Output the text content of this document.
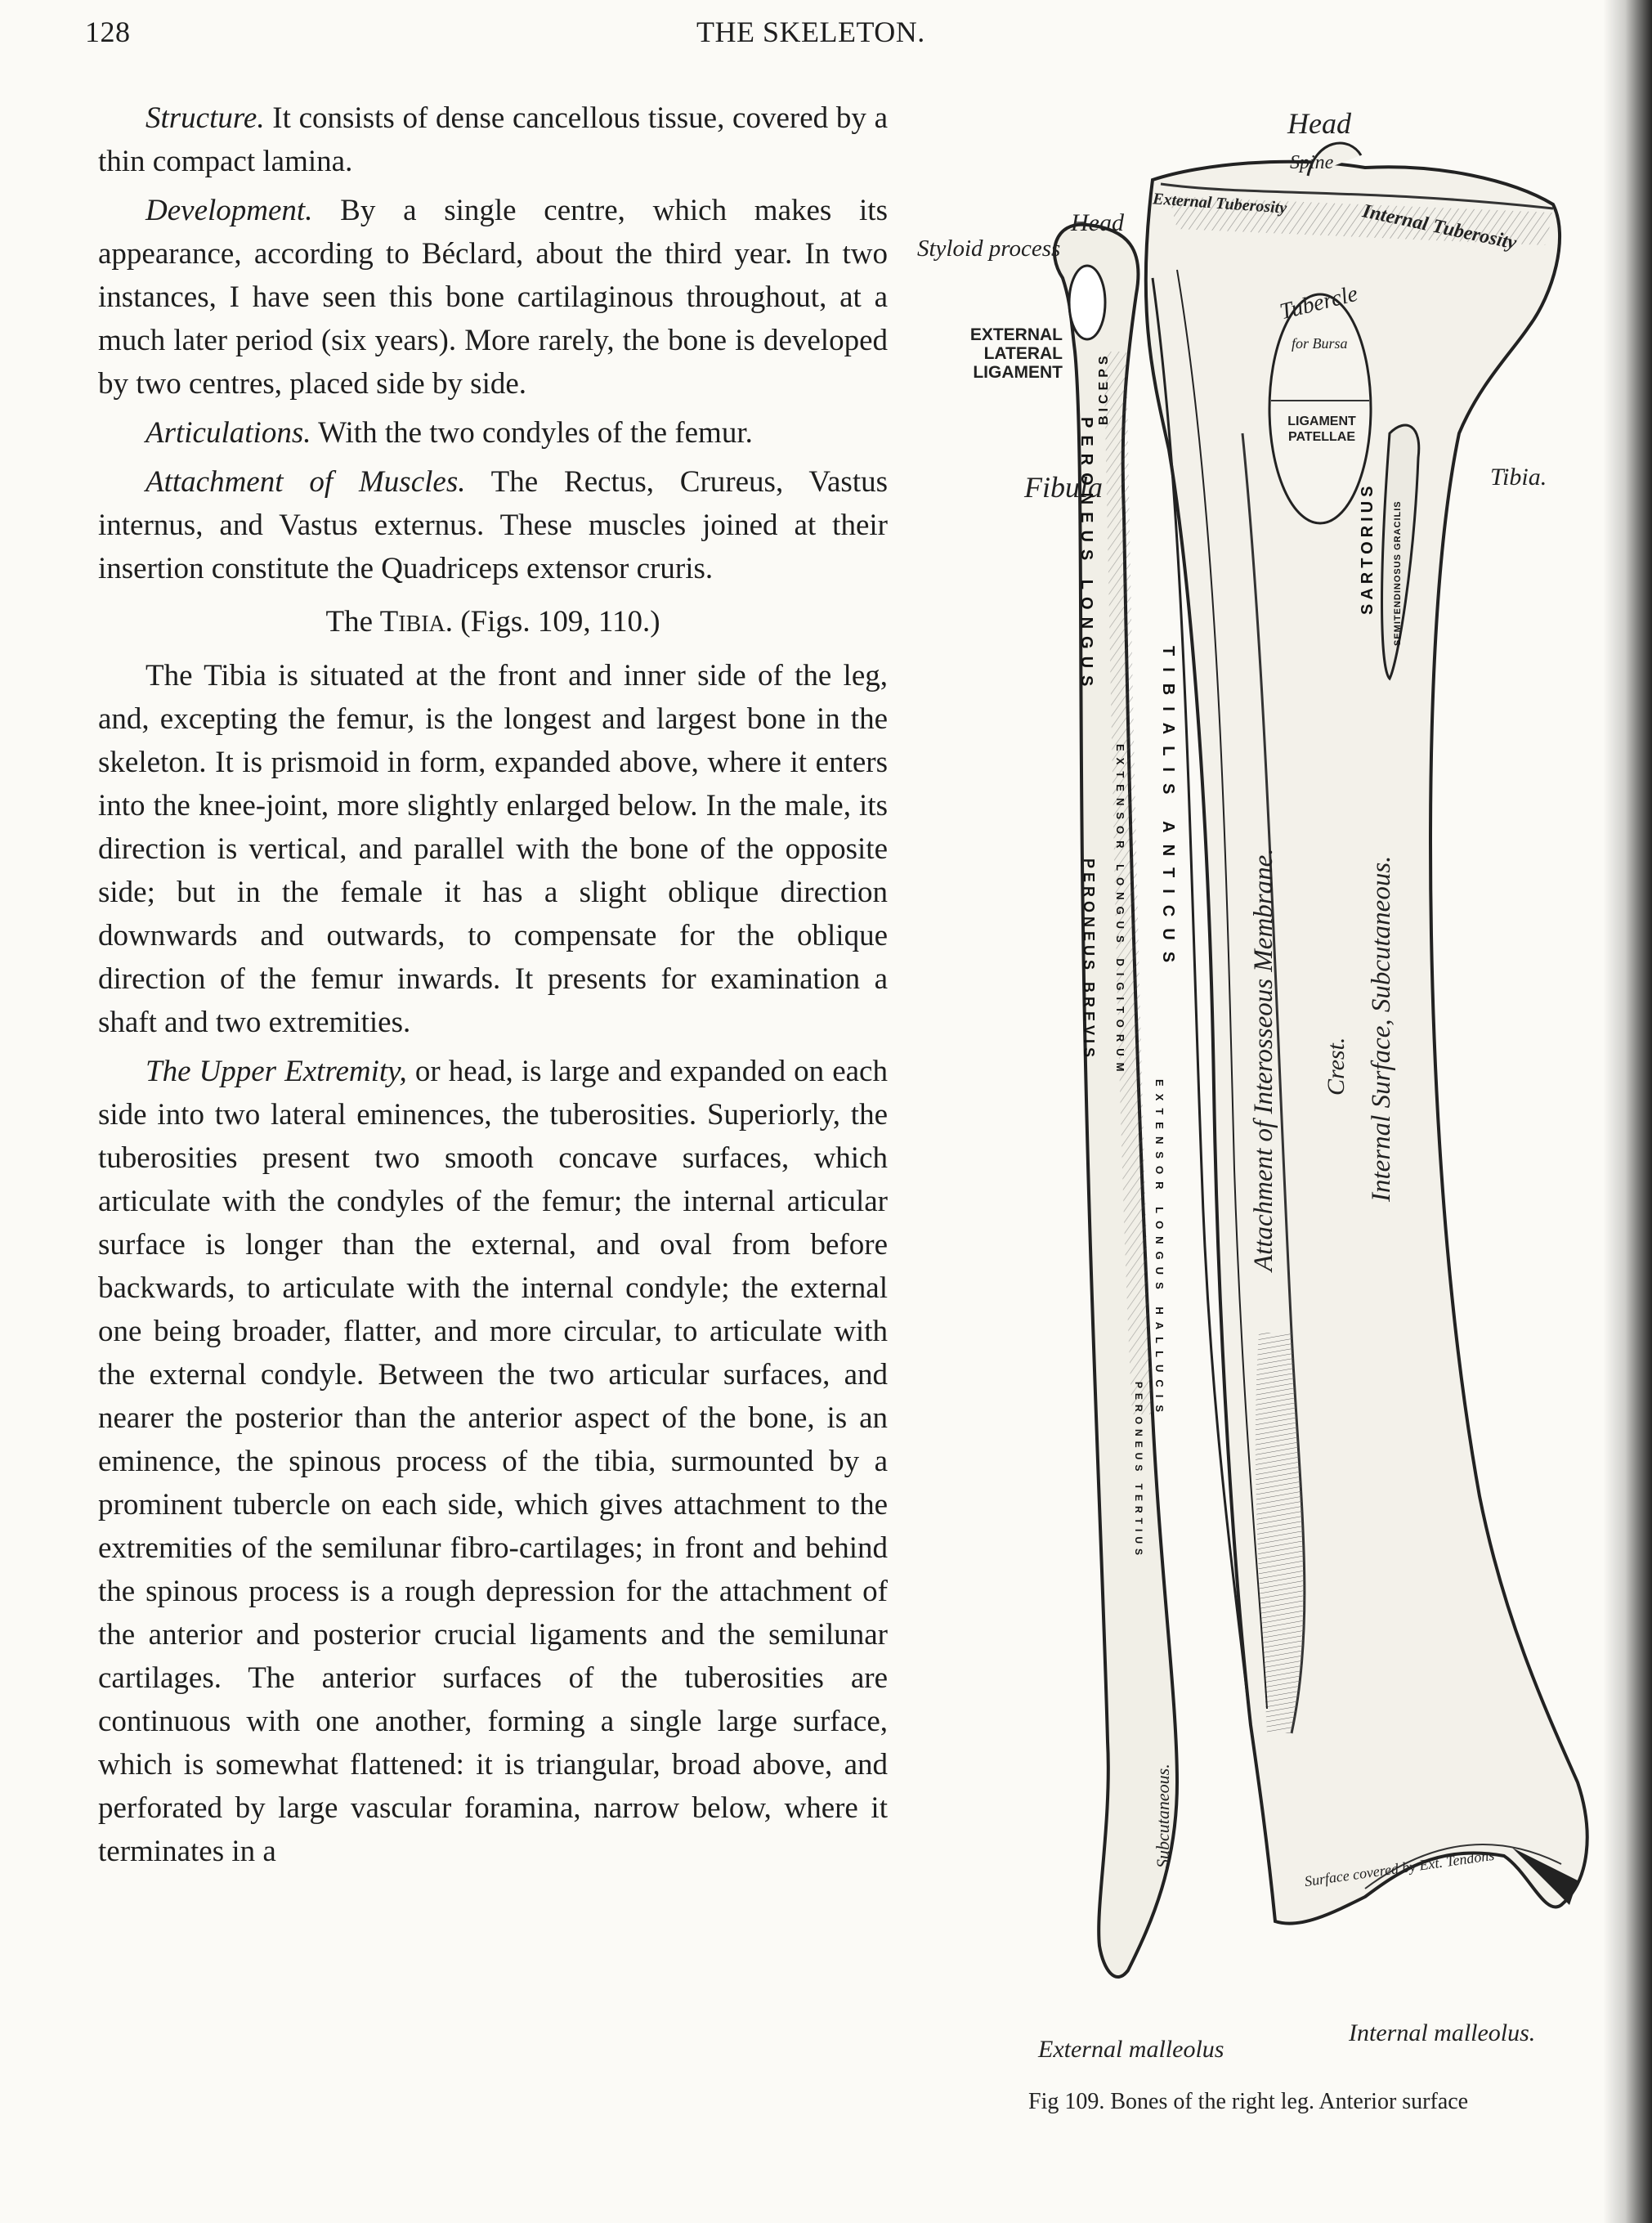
128	THE SKELETON.

Structure. It consists of dense cancellous tissue, covered by a thin compact lamina.

Development. By a single centre, which makes its appearance, according to Béclard, about the third year. In two instances, I have seen this bone cartilaginous throughout, at a much later period (six years). More rarely, the bone is developed by two centres, placed side by side.

Articulations. With the two condyles of the femur.

Attachment of Muscles. The Rectus, Crureus, Vastus internus, and Vastus externus. These muscles joined at their insertion constitute the Quadriceps extensor cruris.

The TIBIA. (Figs. 109, 110.)

The Tibia is situated at the front and inner side of the leg, and, excepting the femur, is the longest and largest bone in the skeleton. It is prismoid in form, expanded above, where it enters into the knee-joint, more slightly enlarged below. In the male, its direction is vertical, and parallel with the bone of the opposite side; but in the female it has a slight oblique direction downwards and outwards, to compensate for the oblique direction of the femur inwards. It presents for examination a shaft and two extremities.

The Upper Extremity, or head, is large and expanded on each side into two lateral eminences, the tuberosities. Superiorly, the tuberosities present two smooth concave surfaces, which articulate with the condyles of the femur; the internal articular surface is longer than the external, and oval from before backwards, to articulate with the internal condyle; the external one being broader, flatter, and more circular, to articulate with the external condyle. Between the two articular surfaces, and nearer the posterior than the anterior aspect of the bone, is an eminence, the spinous process of the tibia, surmounted by a prominent tubercle on each side, which gives attachment to the extremities of the semilunar fibro-cartilages; in front and behind the spinous process is a rough depression for the attachment of the anterior and posterior crucial ligaments and the semilunar cartilages. The anterior surfaces of the tuberosities are continuous with one another, forming a single large surface, which is somewhat flattened: it is triangular, broad above, and perforated by large vascular foramina, narrow below, where it terminates in a

Head
Spine
Head
Styloid process
External Tuberosity	Internal Tuberosity
Tubercle
for Bursa
EXTERNAL LATERAL LIGAMENT
LIGAMENT PATELLAE
Fibula	Tibia.
Surface covered by Ext. Tendons
Internal malleolus.
External malleolus
Attachment of Interosseous Membrane. Crest. Internal Surface, Subcutaneous.
Subcutaneous.
SARTORIUS SEMITENDINOSUS GRACILIS
BICEPS
PERONEUS LONGUS
TIBIALIS ANTICUS
EXTENSOR LONGUS DIGITORUM
PERONEUS BREVIS
EXTENSOR LONGUS HALLUCIS
PERONEUS TERTIUS
Fig 109. Bones of the right leg. Anterior surface
